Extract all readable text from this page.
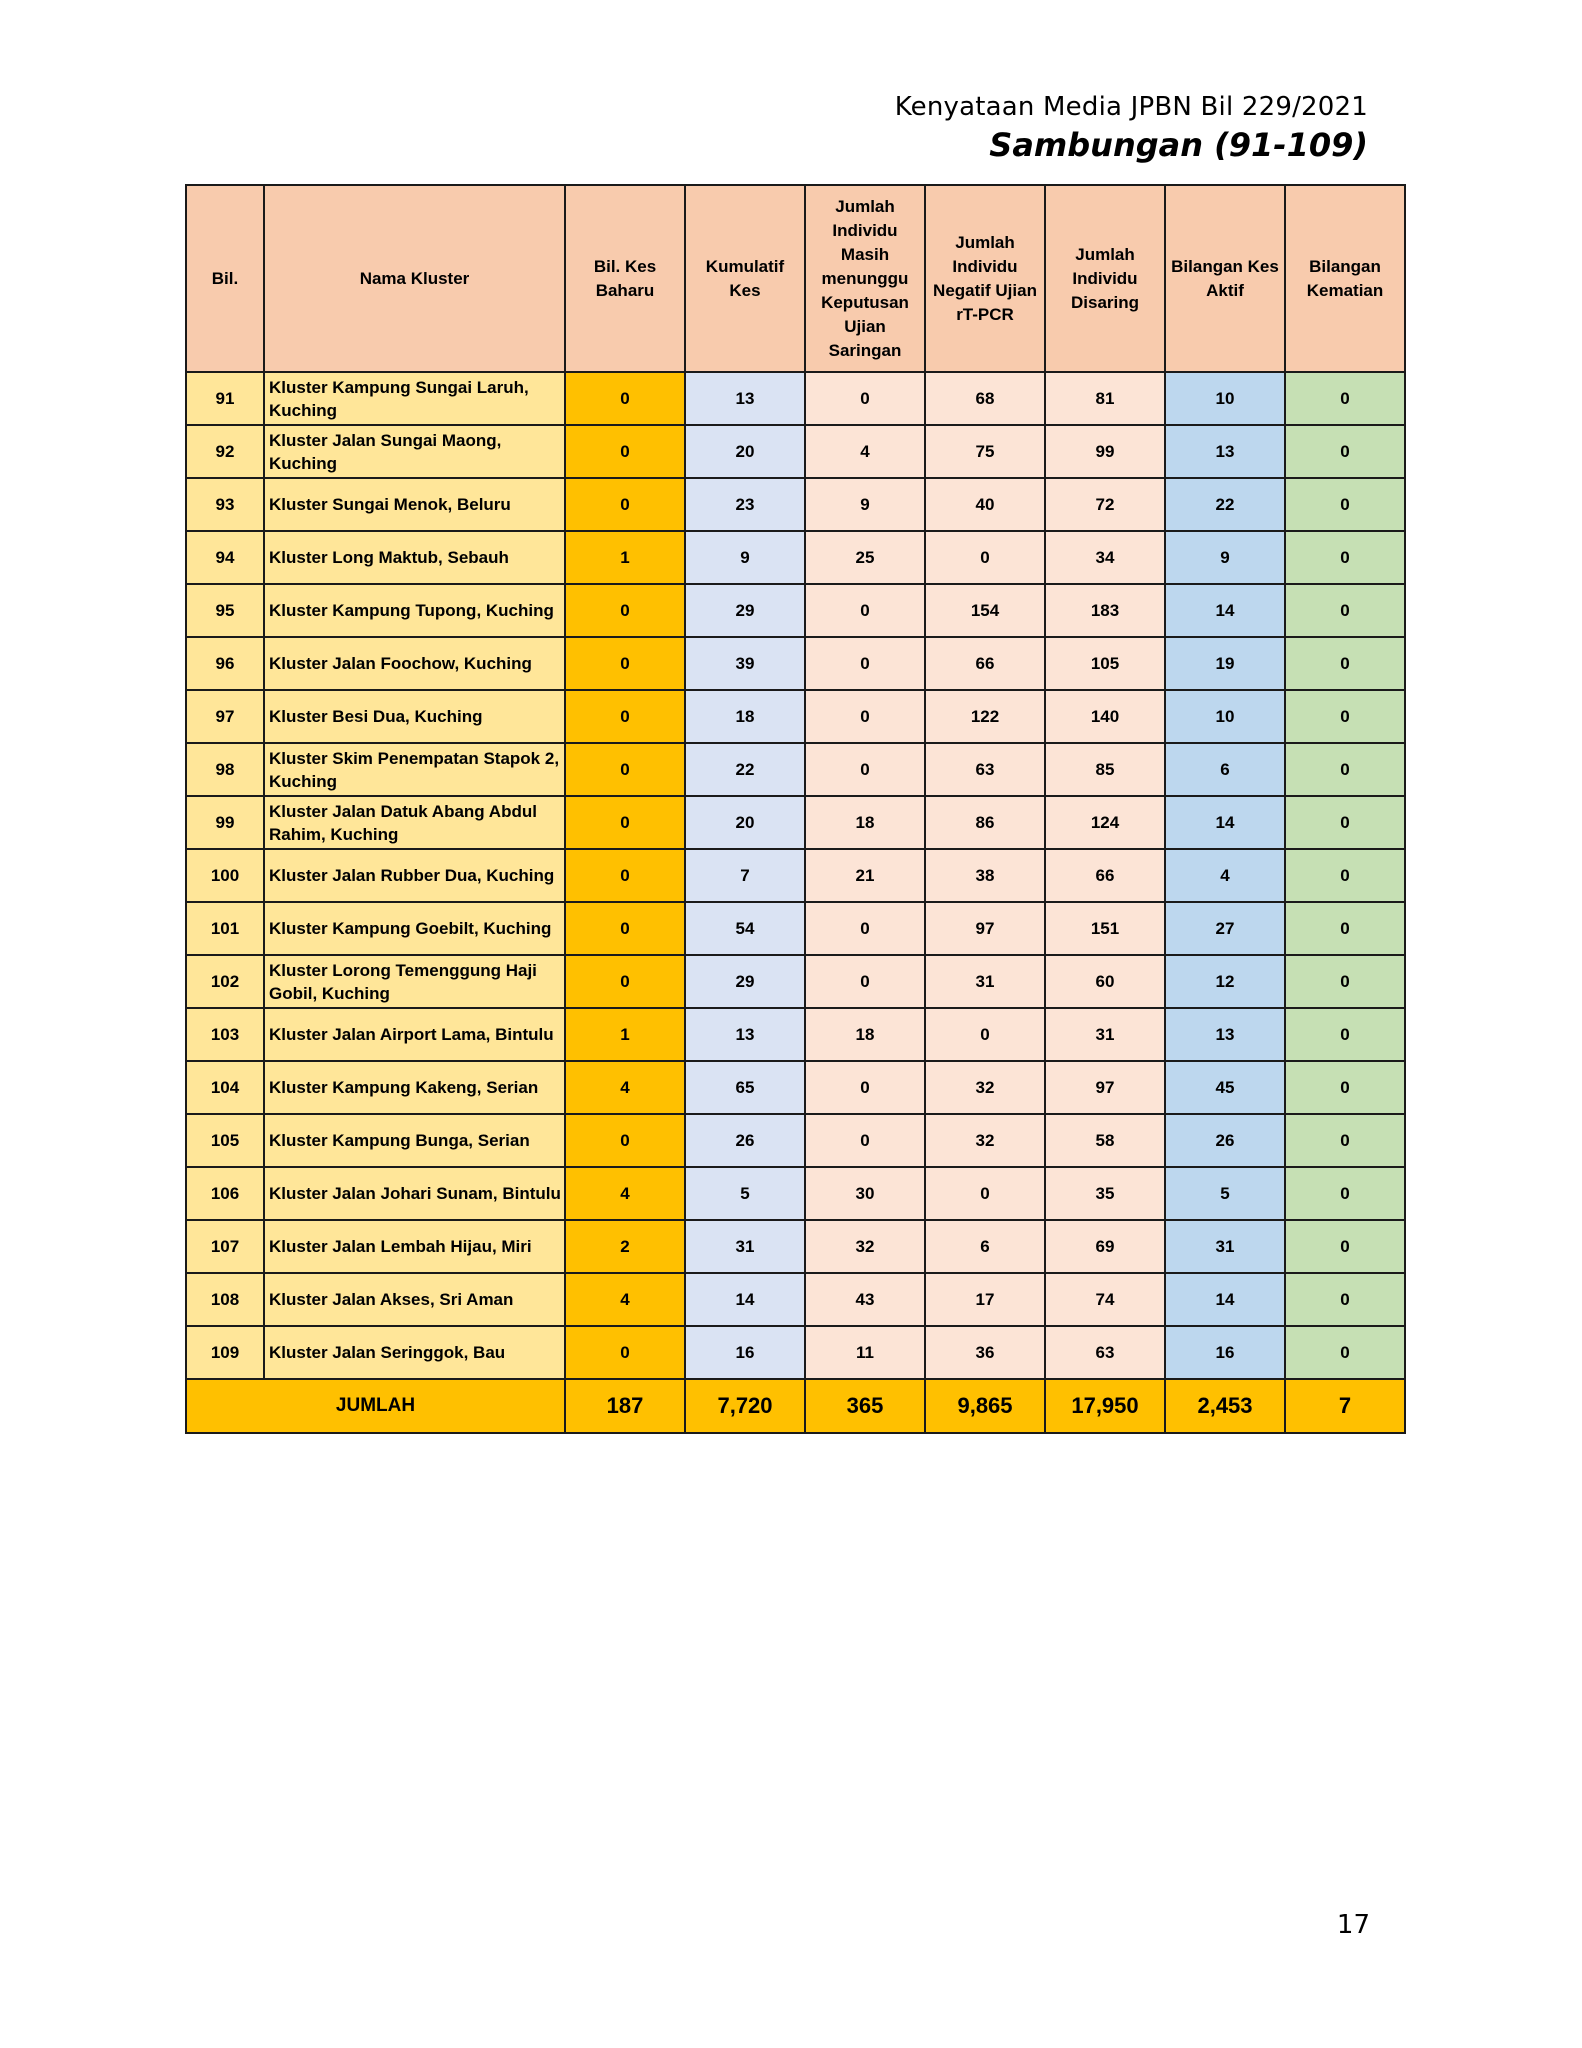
Kenyataan Media JPBN Bil 229/2021
Sambungan (91-109)
Bil.	Nama Kluster	Bil. Kes Baharu	Kumulatif Kes	Jumlah Individu Masih menunggu Keputusan Ujian Saringan	Jumlah Individu Negatif Ujian rT-PCR	Jumlah Individu Disaring	Bilangan Kes Aktif	Bilangan Kematian
91	Kluster Kampung Sungai Laruh, Kuching	0	13	0	68	81	10	0
92	Kluster Jalan Sungai Maong, Kuching	0	20	4	75	99	13	0
93	Kluster Sungai Menok, Beluru	0	23	9	40	72	22	0
94	Kluster Long Maktub, Sebauh	1	9	25	0	34	9	0
95	Kluster Kampung Tupong, Kuching	0	29	0	154	183	14	0
96	Kluster Jalan Foochow, Kuching	0	39	0	66	105	19	0
97	Kluster Besi Dua, Kuching	0	18	0	122	140	10	0
98	Kluster Skim Penempatan Stapok 2, Kuching	0	22	0	63	85	6	0
99	Kluster Jalan Datuk Abang Abdul Rahim, Kuching	0	20	18	86	124	14	0
100	Kluster Jalan Rubber Dua, Kuching	0	7	21	38	66	4	0
101	Kluster Kampung Goebilt, Kuching	0	54	0	97	151	27	0
102	Kluster Lorong Temenggung Haji Gobil, Kuching	0	29	0	31	60	12	0
103	Kluster Jalan Airport Lama, Bintulu	1	13	18	0	31	13	0
104	Kluster Kampung Kakeng, Serian	4	65	0	32	97	45	0
105	Kluster Kampung Bunga, Serian	0	26	0	32	58	26	0
106	Kluster Jalan Johari Sunam, Bintulu	4	5	30	0	35	5	0
107	Kluster Jalan Lembah Hijau, Miri	2	31	32	6	69	31	0
108	Kluster Jalan Akses, Sri Aman	4	14	43	17	74	14	0
109	Kluster Jalan Seringgok, Bau	0	16	11	36	63	16	0
JUMLAH		187	7,720	365	9,865	17,950	2,453	7
17
